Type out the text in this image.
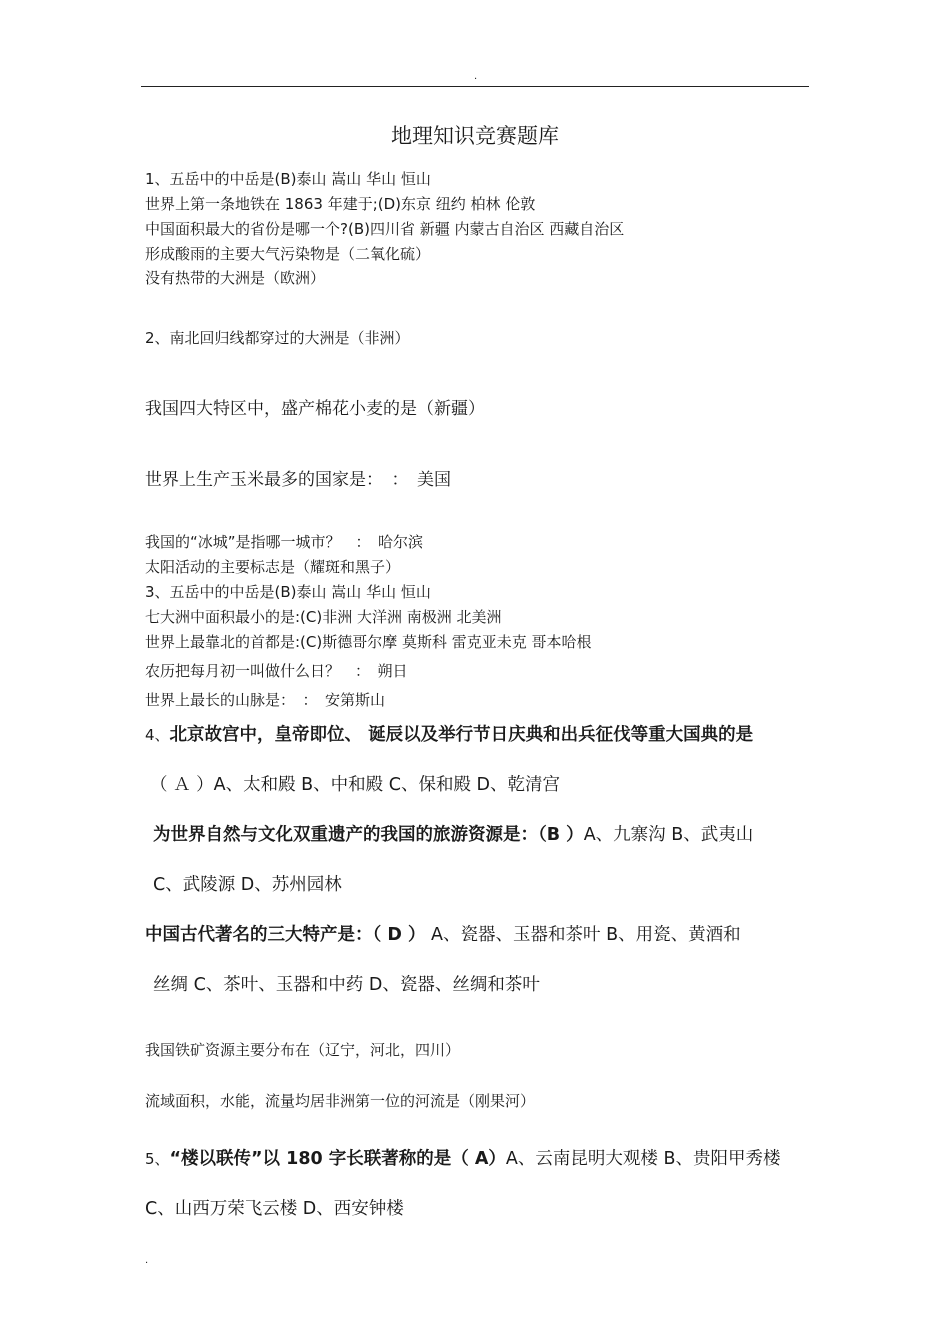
.
地理知识竞赛题库
1、五岳中的中岳是(B)泰山 嵩山 华山 恒山
世界上第一条地铁在 1863 年建于;(D)东京 纽约 柏林 伦敦
中国面积最大的省份是哪一个?(B)四川省 新疆 内蒙古自治区 西藏自治区
形成酸雨的主要大气污染物是（二氧化硫）
没有热带的大洲是（欧洲）
2、南北回归线都穿过的大洲是（非洲）
我国四大特区中，盛产棉花小麦的是（新疆）
世界上生产玉米最多的国家是：　：　美国
我国的“冰城”是指哪一城市？　：　哈尔滨
太阳活动的主要标志是（耀斑和黑子）
3、五岳中的中岳是(B)泰山 嵩山 华山 恒山
七大洲中面积最小的是:(C)非洲 大洋洲 南极洲 北美洲
世界上最靠北的首都是:(C)斯德哥尔摩 莫斯科 雷克亚未克 哥本哈根
农历把每月初一叫做什么日？　：　朔日
世界上最长的山脉是：　：　安第斯山
4、北京故宫中，皇帝即位、 诞辰以及举行节日庆典和出兵征伐等重大国典的是
（ Ａ ）A、太和殿 B、中和殿 C、保和殿 D、乾清宫
为世界自然与文化双重遗产的我国的旅游资源是：（B ）A、九寨沟 B、武夷山
C、武陵源 D、苏州园林
中国古代著名的三大特产是：（ D ） A、瓷器、玉器和茶叶 B、用瓷、黄酒和
丝绸 C、茶叶、玉器和中药 D、瓷器、丝绸和茶叶
我国铁矿资源主要分布在（辽宁，河北，四川）
流域面积，水能，流量均居非洲第一位的河流是（刚果河）
5、“楼以联传”以 180 字长联著称的是（ A）A、云南昆明大观楼 B、贵阳甲秀楼
C、山西万荣飞云楼 D、西安钟楼
.
